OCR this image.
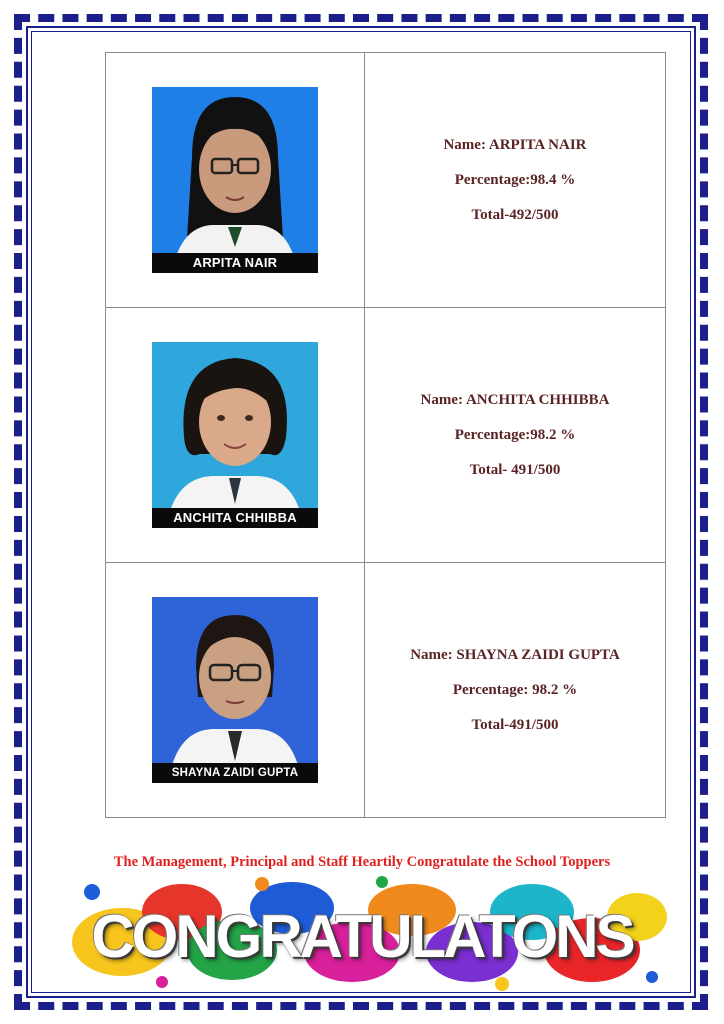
ARPITA NAIR	Name: ARPITA NAIR

Percentage:98.4 %

Total-492/500

ANCHITA CHHIBBA	Name: ANCHITA CHHIBBA

Percentage:98.2 %

Total- 491/500

SHAYNA ZAIDI GUPTA	Name: SHAYNA ZAIDI GUPTA

Percentage: 98.2 %

Total-491/500

The Management, Principal and Staff Heartily Congratulate the School Toppers
CONGRATULATONS
